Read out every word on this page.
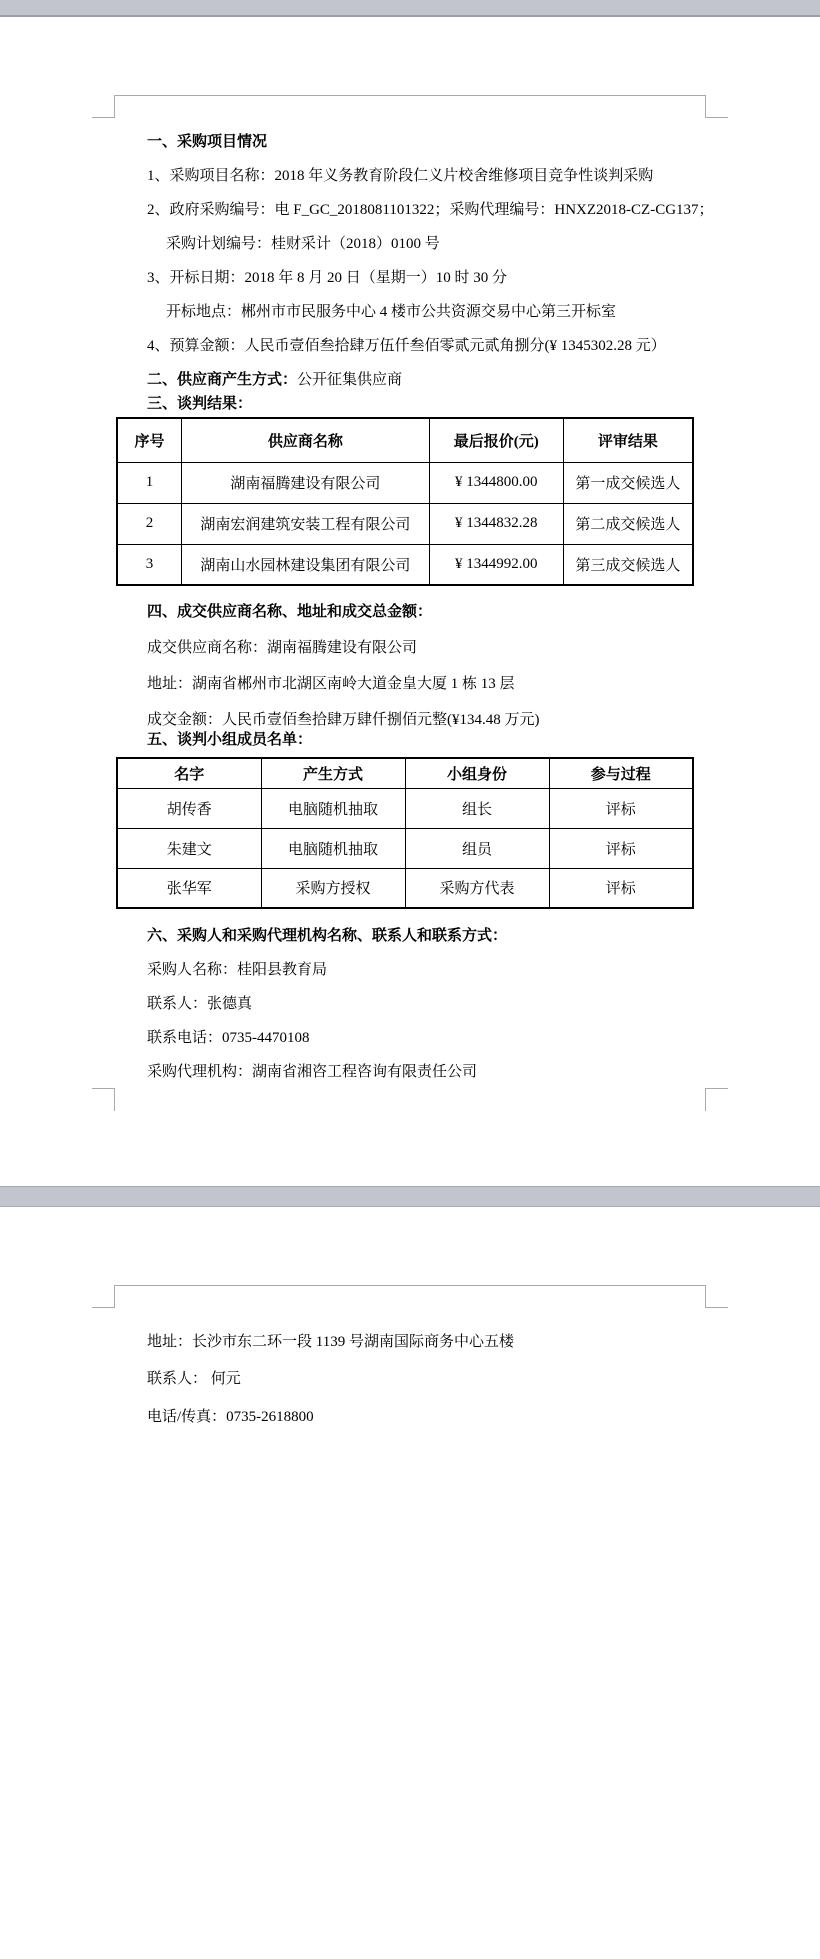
一、采购项目情况
1、采购项目名称：2018 年义务教育阶段仁义片校舍维修项目竞争性谈判采购
2、政府采购编号：电 F_GC_2018081101322；采购代理编号：HNXZ2018-CZ-CG137；
采购计划编号：桂财采计（2018）0100 号
3、开标日期：2018 年 8 月 20 日（星期一）10 时 30 分
开标地点：郴州市市民服务中心 4 楼市公共资源交易中心第三开标室
4、预算金额：人民币壹佰叁拾肆万伍仟叁佰零贰元贰角捌分(¥ 1345302.28 元）
二、供应商产生方式：公开征集供应商
三、谈判结果：
序号	供应商名称	最后报价(元)	评审结果
1	湖南福腾建设有限公司	¥ 1344800.00	第一成交候选人
2	湖南宏润建筑安装工程有限公司	¥ 1344832.28	第二成交候选人
3	湖南山水园林建设集团有限公司	¥ 1344992.00	第三成交候选人
四、成交供应商名称、地址和成交总金额：
成交供应商名称：湖南福腾建设有限公司
地址：湖南省郴州市北湖区南岭大道金皇大厦 1 栋 13 层
成交金额：人民币壹佰叁拾肆万肆仟捌佰元整(¥134.48 万元)
五、谈判小组成员名单：
名字	产生方式	小组身份	参与过程
胡传香	电脑随机抽取	组长	评标
朱建文	电脑随机抽取	组员	评标
张华军	采购方授权	采购方代表	评标
六、采购人和采购代理机构名称、联系人和联系方式：
采购人名称：桂阳县教育局
联系人：张德真
联系电话：0735-4470108
采购代理机构：湖南省湘咨工程咨询有限责任公司
地址：长沙市东二环一段 1139 号湖南国际商务中心五楼
联系人： 何元
电话/传真：0735-2618800
